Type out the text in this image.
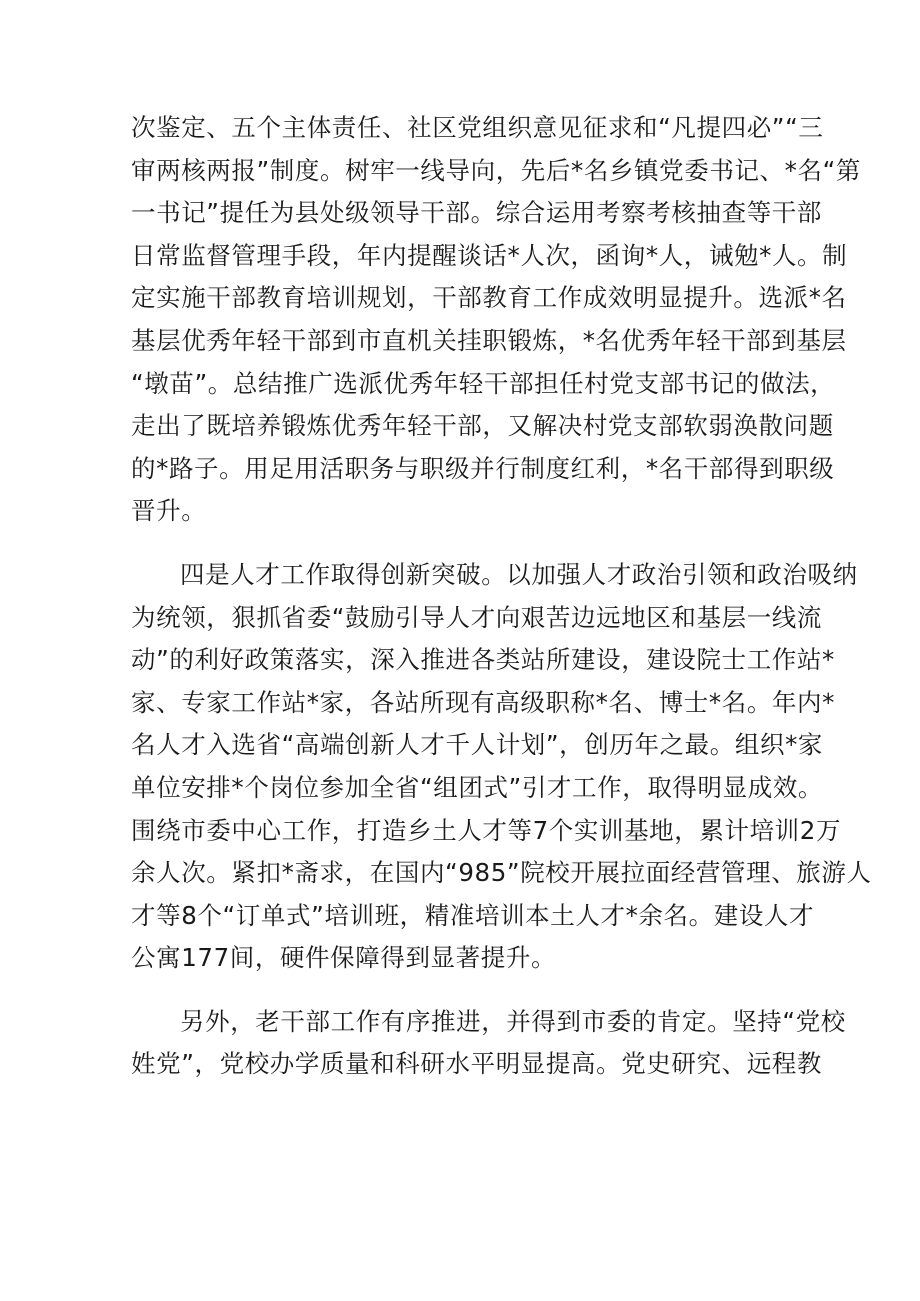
次鉴定、五个主体责任、社区党组织意见征求和“凡提四必”“三
审两核两报”制度。树牢一线导向，先后*名乡镇党委书记、*名“第
一书记”提任为县处级领导干部。综合运用考察考核抽查等干部
日常监督管理手段，年内提醒谈话*人次，函询*人，诫勉*人。制
定实施干部教育培训规划，干部教育工作成效明显提升。选派*名
基层优秀年轻干部到市直机关挂职锻炼，*名优秀年轻干部到基层
“墩苗”。总结推广选派优秀年轻干部担任村党支部书记的做法，
走出了既培养锻炼优秀年轻干部，又解决村党支部软弱涣散问题
的*路子。用足用活职务与职级并行制度红利，*名干部得到职级
晋升。
四是人才工作取得创新突破。以加强人才政治引领和政治吸纳
为统领，狠抓省委“鼓励引导人才向艰苦边远地区和基层一线流
动”的利好政策落实，深入推进各类站所建设，建设院士工作站*
家、专家工作站*家，各站所现有高级职称*名、博士*名。年内*
名人才入选省“高端创新人才千人计划”，创历年之最。组织*家
单位安排*个岗位参加全省“组团式”引才工作，取得明显成效。
围绕市委中心工作，打造乡土人才等7个实训基地，累计培训2万
余人次。紧扣*斋求，在国内“985”院校开展拉面经营管理、旅游人
才等8个“订单式”培训班，精准培训本土人才*余名。建设人才
公寓177间，硬件保障得到显著提升。
另外，老干部工作有序推进，并得到市委的肯定。坚持“党校
姓党”，党校办学质量和科研水平明显提高。党史研究、远程教
